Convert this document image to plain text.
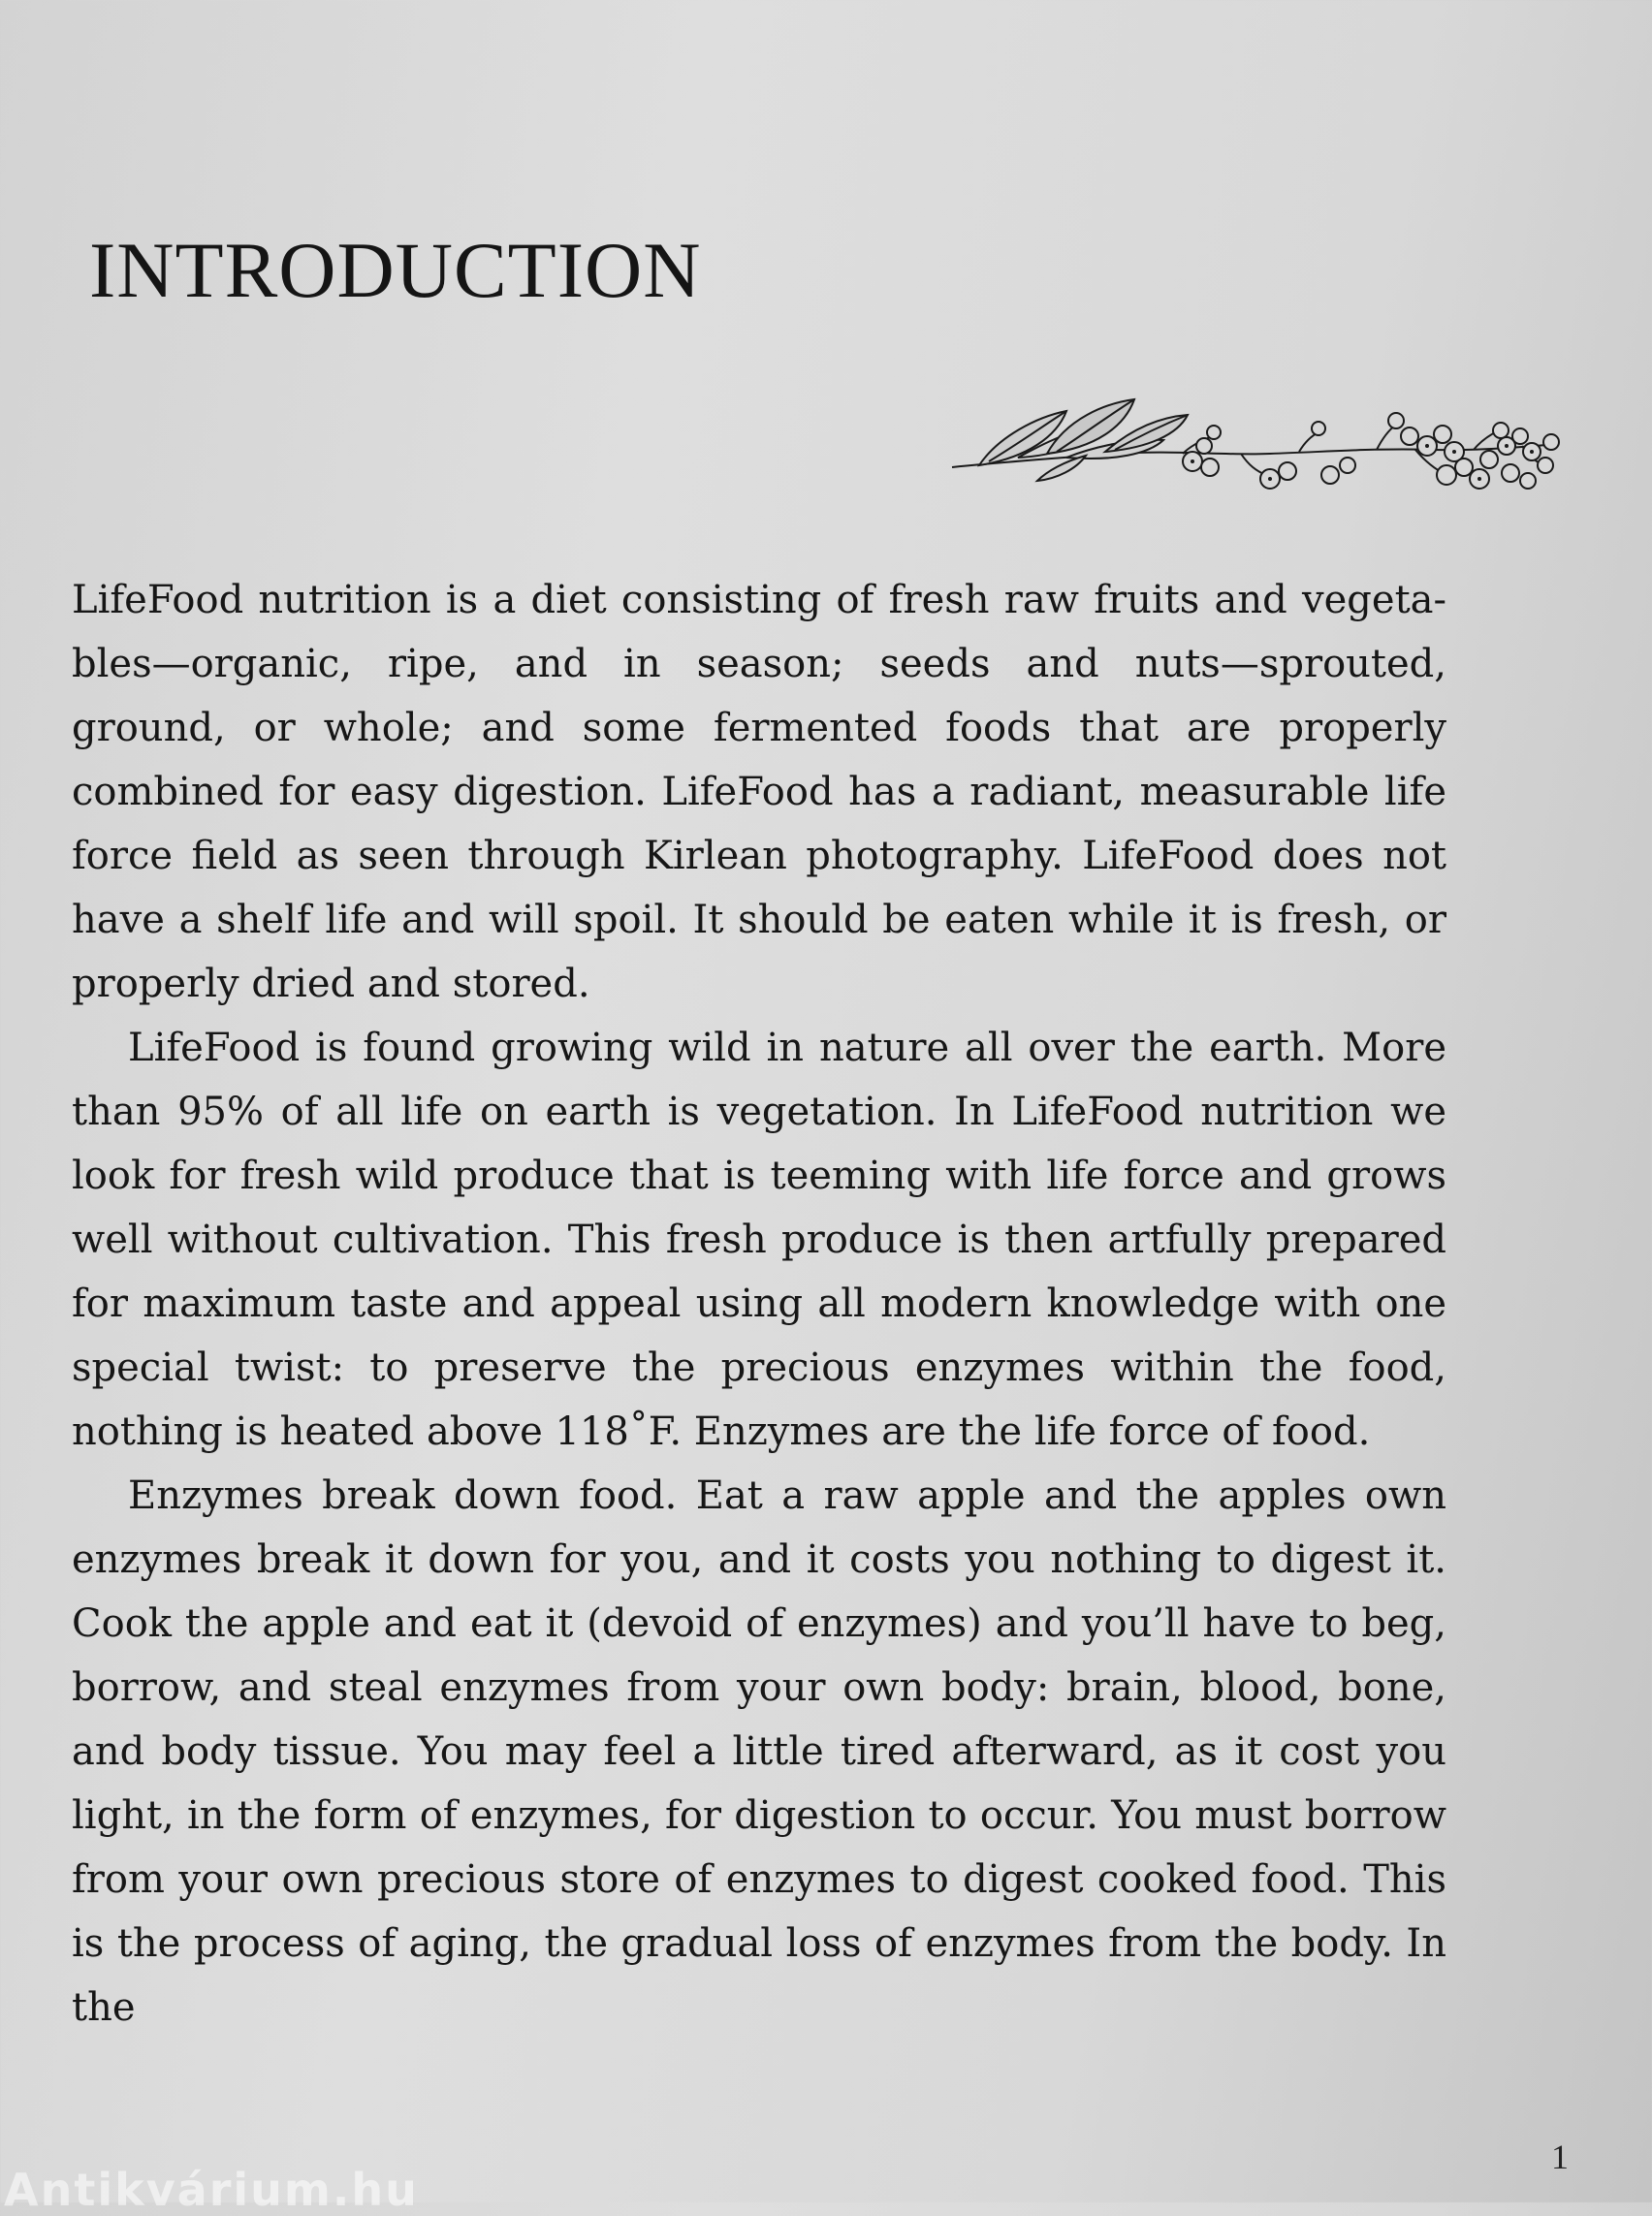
INTRODUCTION

LifeFood nutrition is a diet consisting of fresh raw fruits and vegetables—organic, ripe, and in season; seeds and nuts—sprouted, ground, or whole; and some fermented foods that are properly combined for easy digestion. LifeFood has a radiant, measurable life force field as seen through Kirlean photography. LifeFood does not have a shelf life and will spoil. It should be eaten while it is fresh, or properly dried and stored.

LifeFood is found growing wild in nature all over the earth. More than 95% of all life on earth is vegetation. In LifeFood nutrition we look for fresh wild produce that is teeming with life force and grows well without cultivation. This fresh produce is then artfully prepared for maximum taste and appeal using all modern knowledge with one special twist: to preserve the precious enzymes within the food, nothing is heated above 118˚F. Enzymes are the life force of food.

Enzymes break down food. Eat a raw apple and the apples own enzymes break it down for you, and it costs you nothing to digest it. Cook the apple and eat it (devoid of enzymes) and you’ll have to beg, borrow, and steal enzymes from your own body: brain, blood, bone, and body tissue. You may feel a little tired afterward, as it cost you light, in the form of enzymes, for digestion to occur. You must borrow from your own precious store of enzymes to digest cooked food. This is the process of aging, the gradual loss of enzymes from the body. In the

1
Antikvárium.hu
